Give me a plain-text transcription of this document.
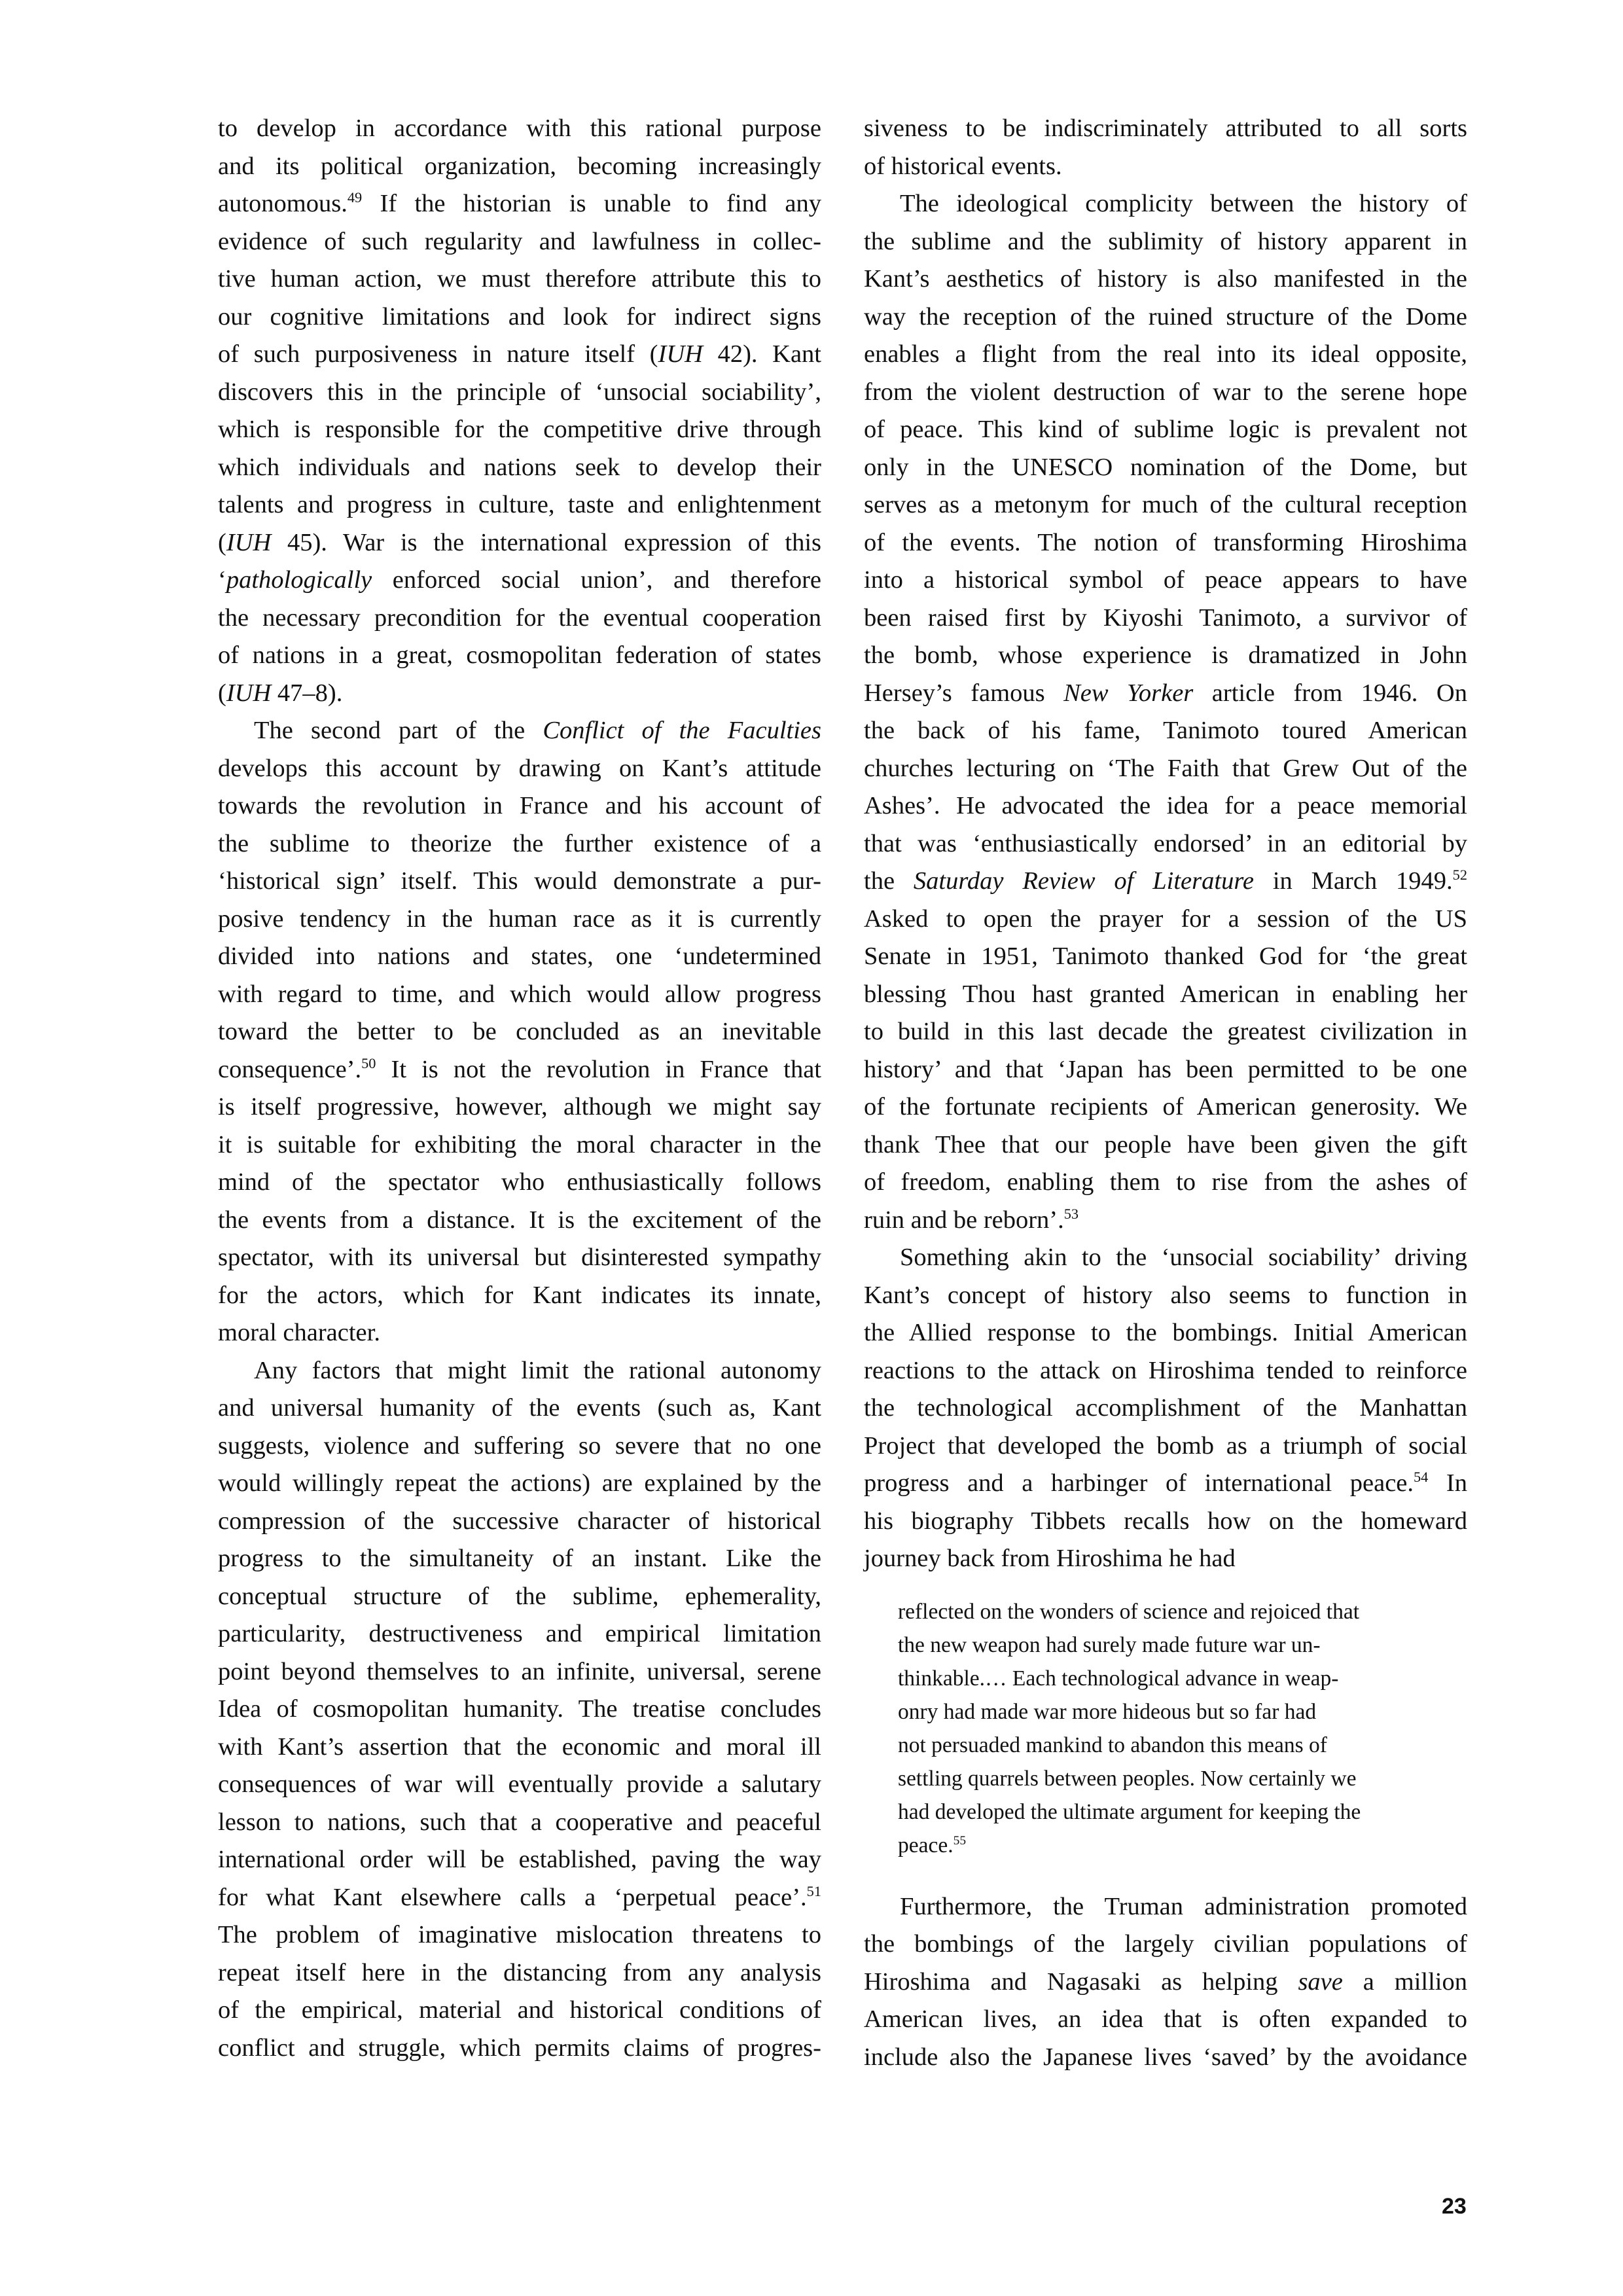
to develop in accordance with this rational purpose
and its political organization, becoming increasingly
autonomous.$^{49}$ If the historian is unable to find any
evidence of such regularity and lawfulness in collec-
tive human action, we must therefore attribute this to
our cognitive limitations and look for indirect signs
of such purposiveness in nature itself (IUH 42). Kant
discovers this in the principle of ‘unsocial sociability’,
which is responsible for the competitive drive through
which individuals and nations seek to develop their
talents and progress in culture, taste and enlightenment
(IUH 45). War is the international expression of this
‘pathologically enforced social union’, and therefore
the necessary precondition for the eventual cooperation
of nations in a great, cosmopolitan federation of states
(IUH 47–8).
The second part of the Conflict of the Faculties
develops this account by drawing on Kant’s attitude
towards the revolution in France and his account of
the sublime to theorize the further existence of a
‘historical sign’ itself. This would demonstrate a pur-
posive tendency in the human race as it is currently
divided into nations and states, one ‘undetermined
with regard to time, and which would allow progress
toward the better to be concluded as an inevitable
consequence’.$^{50}$ It is not the revolution in France that
is itself progressive, however, although we might say
it is suitable for exhibiting the moral character in the
mind of the spectator who enthusiastically follows
the events from a distance. It is the excitement of the
spectator, with its universal but disinterested sympathy
for the actors, which for Kant indicates its innate,
moral character.
Any factors that might limit the rational autonomy
and universal humanity of the events (such as, Kant
suggests, violence and suffering so severe that no one
would willingly repeat the actions) are explained by the
compression of the successive character of historical
progress to the simultaneity of an instant. Like the
conceptual structure of the sublime, ephemerality,
particularity, destructiveness and empirical limitation
point beyond themselves to an infinite, universal, serene
Idea of cosmopolitan humanity. The treatise concludes
with Kant’s assertion that the economic and moral ill
consequences of war will eventually provide a salutary
lesson to nations, such that a cooperative and peaceful
international order will be established, paving the way
for what Kant elsewhere calls a ‘perpetual peace’.$^{51}$
The problem of imaginative mislocation threatens to
repeat itself here in the distancing from any analysis
of the empirical, material and historical conditions of
conflict and struggle, which permits claims of progres-
siveness to be indiscriminately attributed to all sorts
of historical events.
The ideological complicity between the history of
the sublime and the sublimity of history apparent in
Kant’s aesthetics of history is also manifested in the
way the reception of the ruined structure of the Dome
enables a flight from the real into its ideal opposite,
from the violent destruction of war to the serene hope
of peace. This kind of sublime logic is prevalent not
only in the UNESCO nomination of the Dome, but
serves as a metonym for much of the cultural reception
of the events. The notion of transforming Hiroshima
into a historical symbol of peace appears to have
been raised first by Kiyoshi Tanimoto, a survivor of
the bomb, whose experience is dramatized in John
Hersey’s famous New Yorker article from 1946. On
the back of his fame, Tanimoto toured American
churches lecturing on ‘The Faith that Grew Out of the
Ashes’. He advocated the idea for a peace memorial
that was ‘enthusiastically endorsed’ in an editorial by
the Saturday Review of Literature in March 1949.52
Asked to open the prayer for a session of the US
Senate in 1951, Tanimoto thanked God for ‘the great
blessing Thou hast granted American in enabling her
to build in this last decade the greatest civilization in
history’ and that ‘Japan has been permitted to be one
of the fortunate recipients of American generosity. We
thank Thee that our people have been given the gift
of freedom, enabling them to rise from the ashes of
ruin and be reborn’.$^{53}$
Something akin to the ‘unsocial sociability’ driving
Kant’s concept of history also seems to function in
the Allied response to the bombings. Initial American
reactions to the attack on Hiroshima tended to reinforce
the technological accomplishment of the Manhattan
Project that developed the bomb as a triumph of social
progress and a harbinger of international peace.$^{54}$ In
his biography Tibbets recalls how on the homeward
journey back from Hiroshima he had
reflected on the wonders of science and rejoiced that
the new weapon had surely made future war un-
thinkable.… Each technological advance in weap-
onry had made war more hideous but so far had
not persuaded mankind to abandon this means of
settling quarrels between peoples. Now certainly we
had developed the ultimate argument for keeping the
peace.$^{55}$
Furthermore, the Truman administration promoted
the bombings of the largely civilian populations of
Hiroshima and Nagasaki as helping save a million
American lives, an idea that is often expanded to
include also the Japanese lives ‘saved’ by the avoidance
23
